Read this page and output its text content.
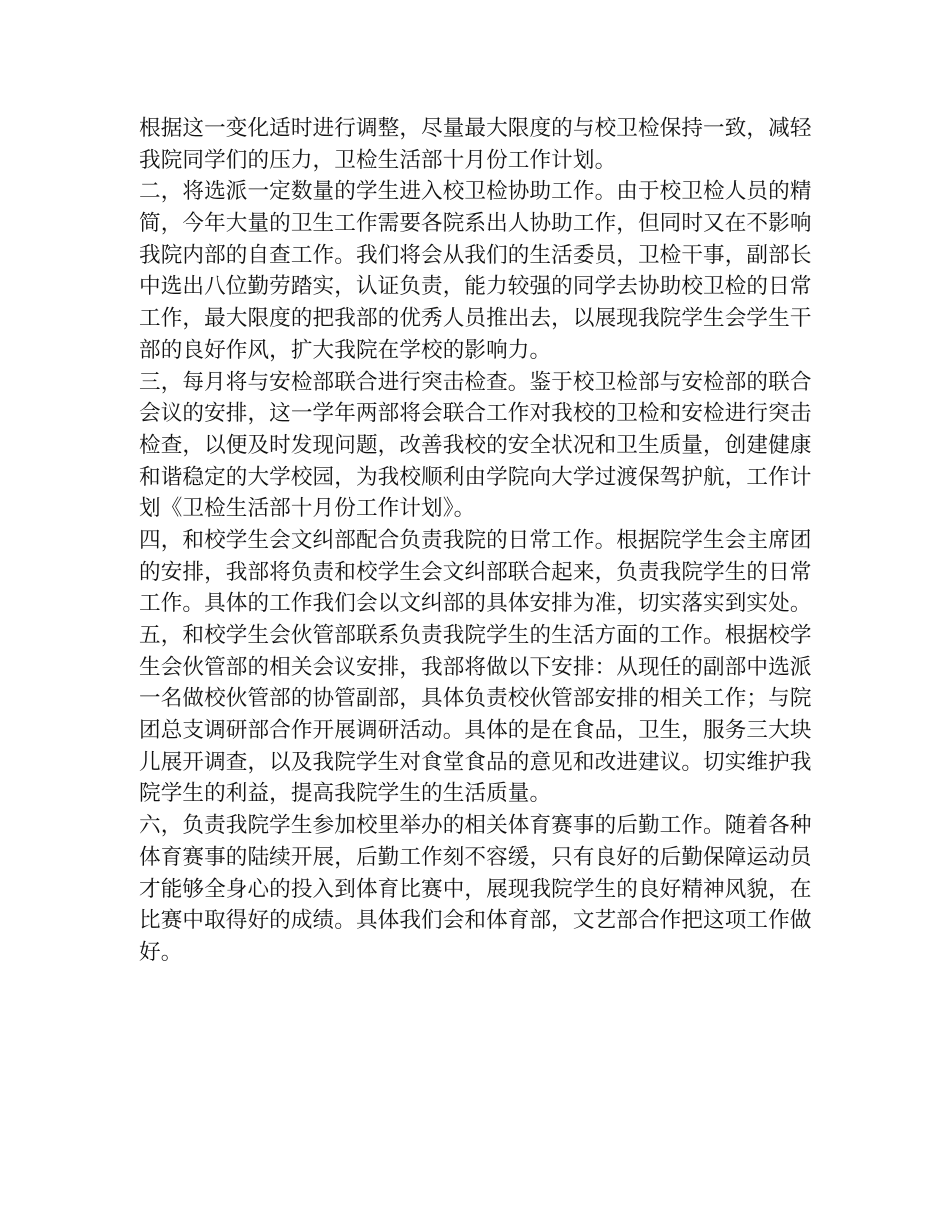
根据这一变化适时进行调整，尽量最大限度的与校卫检保持一致，减轻
我院同学们的压力，卫检生活部十月份工作计划。
二，将选派一定数量的学生进入校卫检协助工作。由于校卫检人员的精
简，今年大量的卫生工作需要各院系出人协助工作，但同时又在不影响
我院内部的自查工作。我们将会从我们的生活委员，卫检干事，副部长
中选出八位勤劳踏实，认证负责，能力较强的同学去协助校卫检的日常
工作，最大限度的把我部的优秀人员推出去，以展现我院学生会学生干
部的良好作风，扩大我院在学校的影响力。
三，每月将与安检部联合进行突击检查。鉴于校卫检部与安检部的联合
会议的安排，这一学年两部将会联合工作对我校的卫检和安检进行突击
检查，以便及时发现问题，改善我校的安全状况和卫生质量，创建健康
和谐稳定的大学校园，为我校顺利由学院向大学过渡保驾护航，工作计
划《卫检生活部十月份工作计划》。
四，和校学生会文纠部配合负责我院的日常工作。根据院学生会主席团
的安排，我部将负责和校学生会文纠部联合起来，负责我院学生的日常
工作。具体的工作我们会以文纠部的具体安排为准，切实落实到实处。
五，和校学生会伙管部联系负责我院学生的生活方面的工作。根据校学
生会伙管部的相关会议安排，我部将做以下安排：从现任的副部中选派
一名做校伙管部的协管副部，具体负责校伙管部安排的相关工作；与院
团总支调研部合作开展调研活动。具体的是在食品，卫生，服务三大块
儿展开调查，以及我院学生对食堂食品的意见和改进建议。切实维护我
院学生的利益，提高我院学生的生活质量。
六，负责我院学生参加校里举办的相关体育赛事的后勤工作。随着各种
体育赛事的陆续开展，后勤工作刻不容缓，只有良好的后勤保障运动员
才能够全身心的投入到体育比赛中，展现我院学生的良好精神风貌，在
比赛中取得好的成绩。具体我们会和体育部，文艺部合作把这项工作做
好。
